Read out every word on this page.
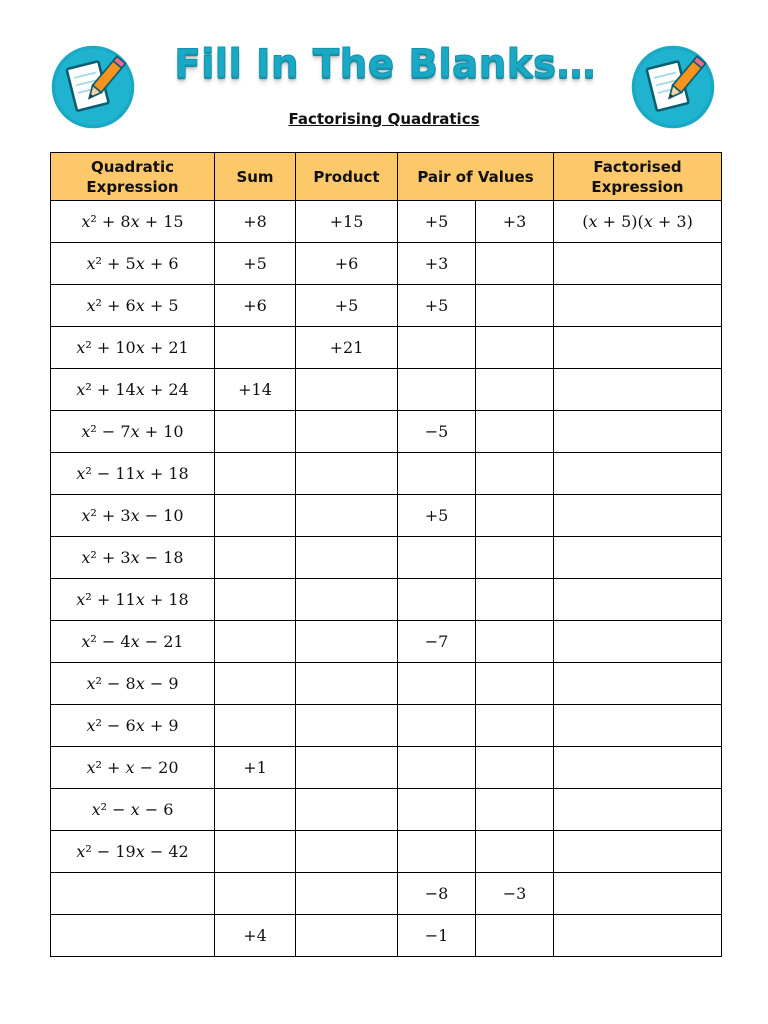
Fill In The Blanks…
Factorising Quadratics
Quadratic Expression	Sum	Product	Pair of Values		Factorised Expression
x² + 8x + 15	+8	+15	+5	+3	(x + 5)(x + 3)
x² + 5x + 6	+5	+6	+3		
x² + 6x + 5	+6	+5	+5		
x² + 10x + 21		+21			
x² + 14x + 24	+14				
x² − 7x + 10			−5		
x² − 11x + 18					
x² + 3x − 10			+5		
x² + 3x − 18					
x² + 11x + 18					
x² − 4x − 21			−7		
x² − 8x − 9					
x² − 6x + 9					
x² + x − 20	+1				
x² − x − 6					
x² − 19x − 42					
			−8	−3	
	+4		−1		
